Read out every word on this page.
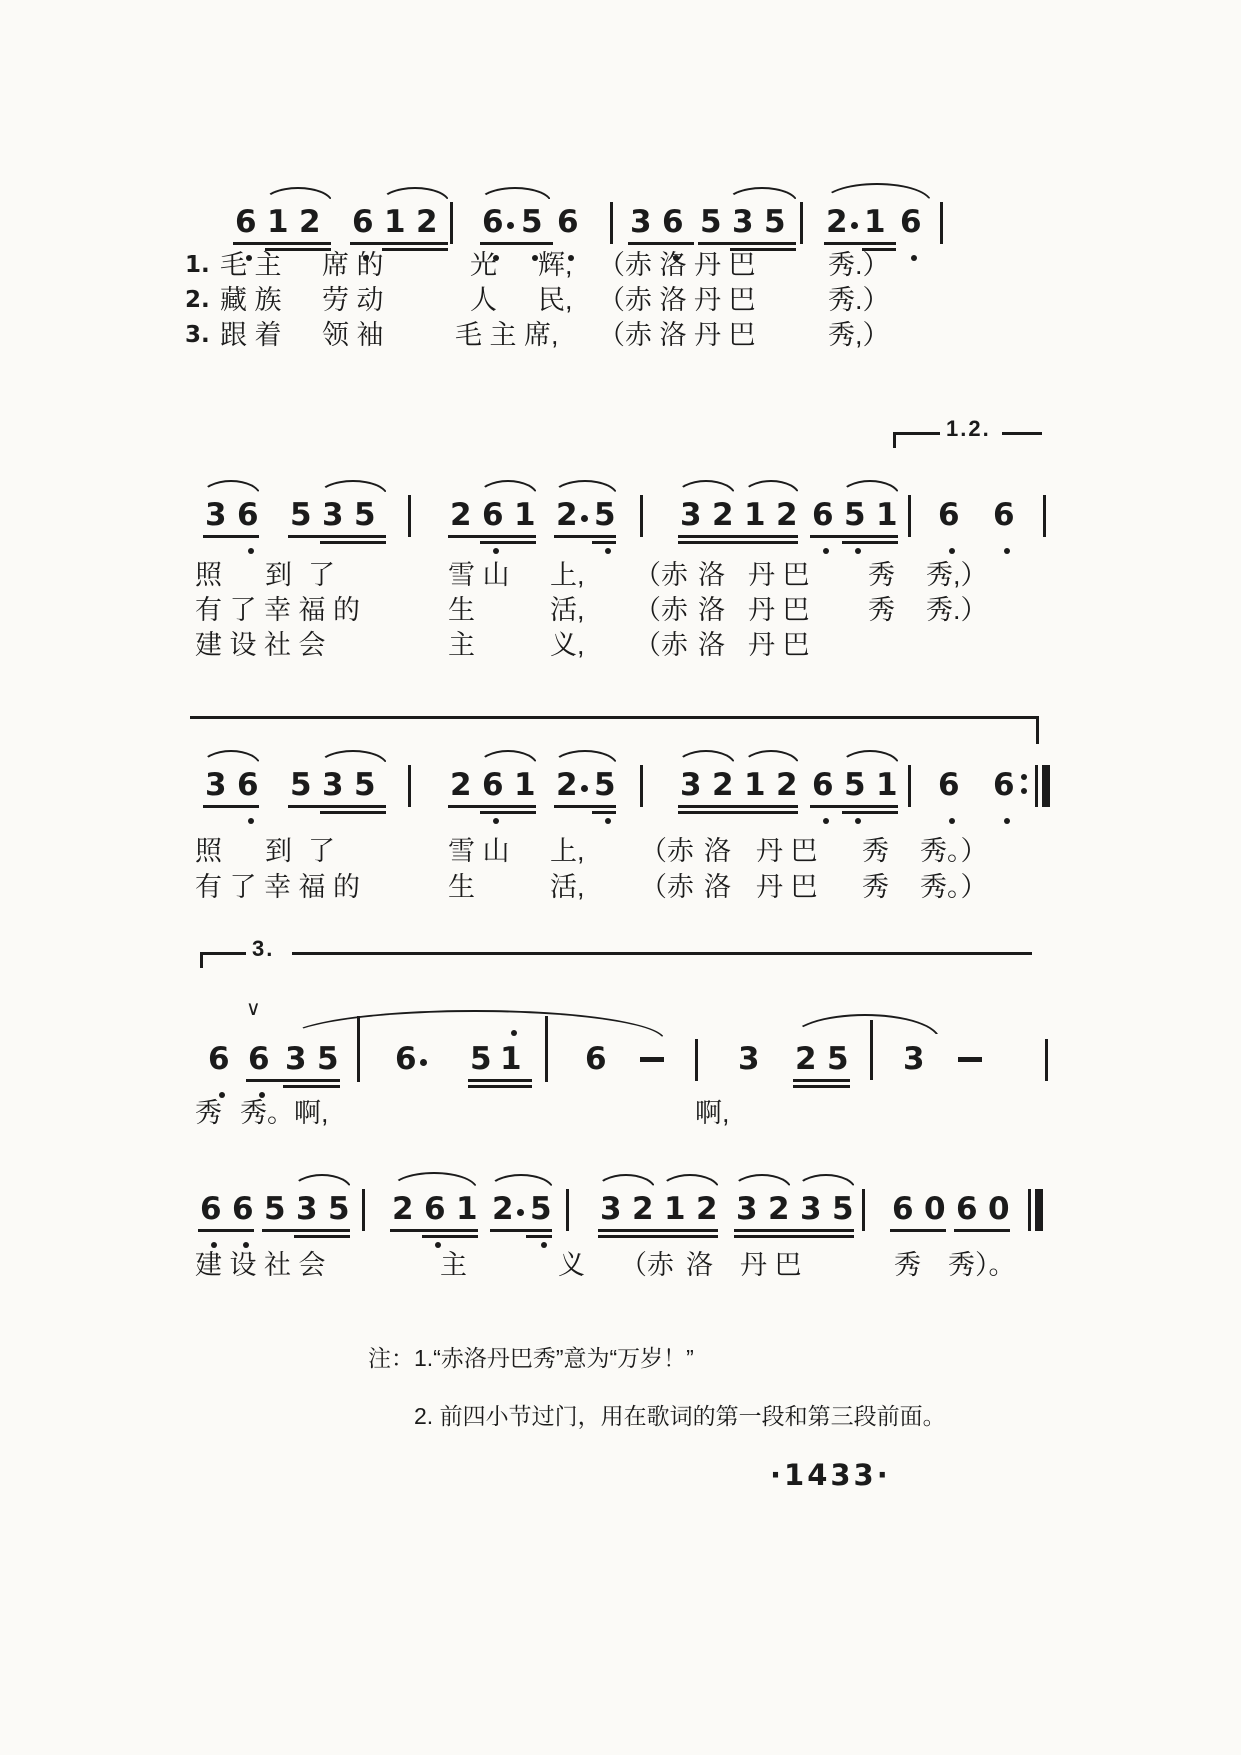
6 1 2 6 1 2 6 5 6 3 6 5 3 5 2 1 6
1. 毛 主 席 的	光 辉, （赤 洛 丹 巴	秀.）
2. 藏 族 劳 动	人 民, （赤 洛 丹 巴	秀.）
3. 跟 着 领 袖	毛 主 席, （赤 洛 丹 巴	秀,）
3 6 5 3 5 2 6 1 2 5 3 2 1 2 6 5 1 6 6
照 到 了	雪 山 上, （赤 洛 丹 巴 秀 秀,）
有 了 幸 福 的	生	活, （赤 洛 丹 巴 秀 秀.）
建 设 社 会	主	义, （赤 洛 丹 巴
3 6 5 3 5 2 6 1 2 5 3 2 1 2 6 5 1 6 6
照 到 了	雪 山 上, （赤 洛 丹 巴 秀 秀。）
有 了 幸 福 的	生	活, （赤 洛 丹 巴 秀 秀。）
6 6 3 5 6 5 1 6	3 2 5 3
∨
秀 秀。啊,	啊,
6 6 5 3 5 2 6 1 2 5 3 2 1 2 3 2 3 5 6 0 6 0
建 设 社 会	主	义 （赤 洛 丹 巴	秀 秀）。
1.2.
3.
注： 1.“赤洛丹巴秀”意为“万岁！”
2. 前四小节过门，用在歌词的第一段和第三段前面。
·1433·
